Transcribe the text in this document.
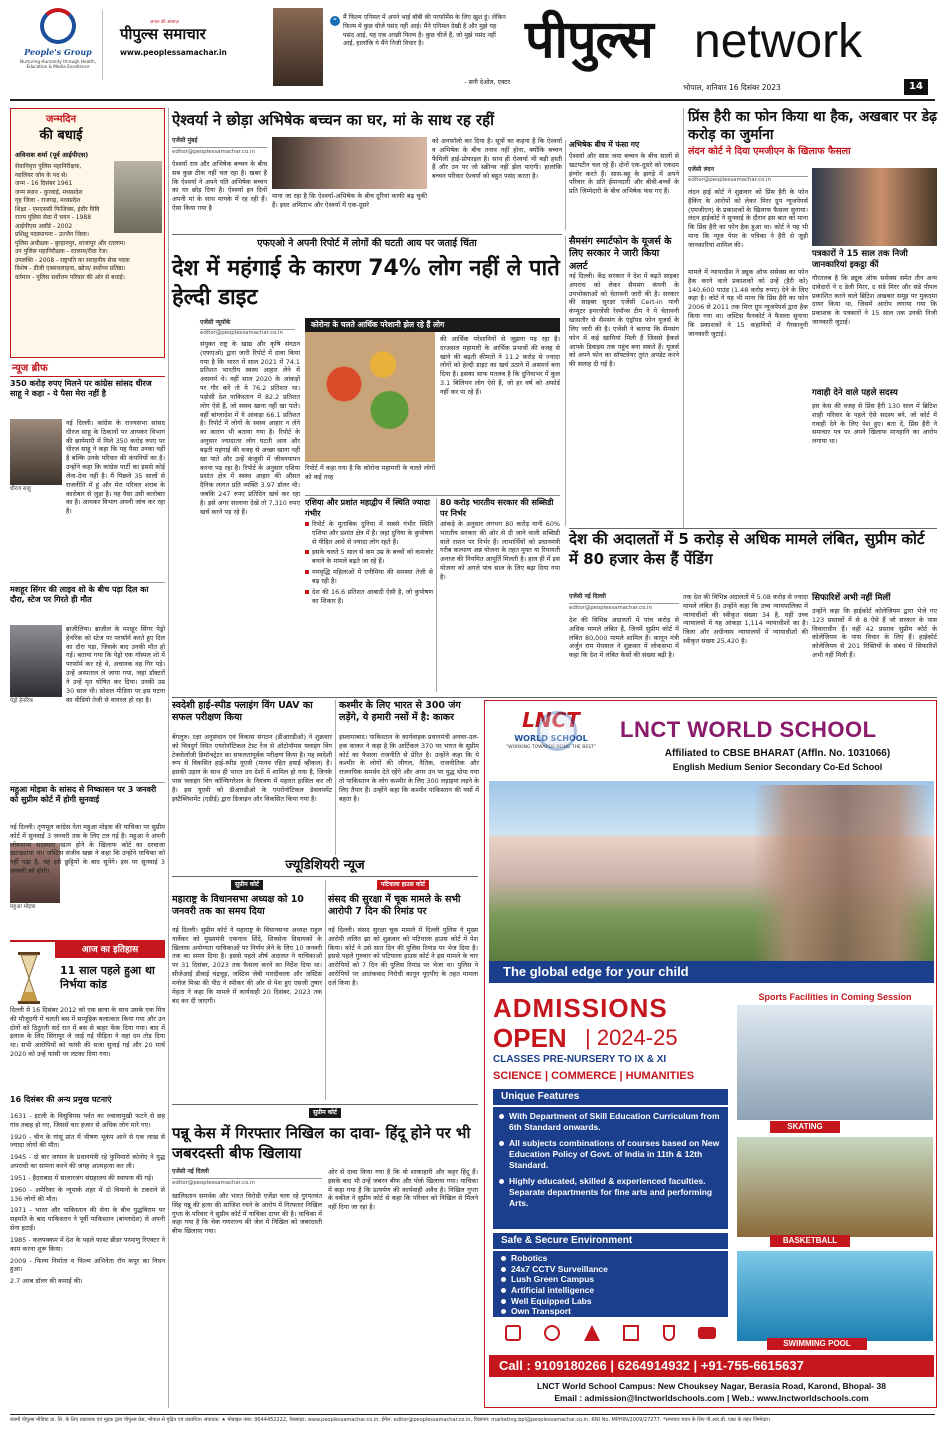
People's Group
Nurturing Humanity through Health, Education & Media Excellence
जनता की आवाज़
पीपुल्स समाचार
www.peoplessamachar.in
“ मैं फिल्म एनिमल में अपने भाई बॉबी की परफॉर्मेंस के लिए खुश हूं। लेकिन फिल्म में कुछ चीजें पसंद नहीं आई। मैंने एनिमल देखी है और मुझे यह पसंद आई, यह एक अच्छी फिल्म है। कुछ चीजें हैं, जो मुझे पसंद नहीं आईं, हालांकि ये मैंने निजी विचार है।
- सनी देओल, एक्टर
पीपुल्स network
भोपाल, शनिवार 16 दिसंबर 2023	14
जन्मदिन
की बधाई
अविनाश शर्मा (पूर्व आईपीएस)
सेवानिवृत्त पुलिस महानिरीक्षक,
ग्वालियर जोन के पद से।
जन्म - 16 दिसंबर 1961
जन्म स्थान - कुरवाई, मध्यप्रदेश
गृह जिला - राजगढ़, मध्यप्रदेश
शिक्षा - एमएससी फिजिक्स, इंदौर विवि
राज्य पुलिस सेवा में चयन - 1988
आईपीएस अवॉर्ड - 2002
प्रशिक्षु पदस्थापना - उज्जैन जिला।
पुलिस अधीक्षक - बुरहानपुर, शाजापुर और रतलाम।
उप पुलिस महानिरीक्षक - रतलाम/रीवा रेंज।
उपलब्धि - 2008 - राष्ट्रपति का सराहनीय सेवा पदक
विशेष - डीजी एक्सचलाहना, खोज/ सर्वोच्च प्रतिष्ठा।
वर्तमान - पुलिस सर्वोत्तम परिवार की ओर से बधाई।
न्यूज ब्रीफ
350 करोड़ रुपए मिलने पर कांग्रेस सांसद धीरज साहू ने कहा - ये पैसा मेरा नहीं है
धीरज साहू
नई दिल्ली। कांग्रेस के राज्यसभा सांसद धीरज साहू के ठिकानों पर आयकर विभाग की छापेमारी में मिले 350 करोड़ रुपए पर धीरज साहू ने कहा कि यह पैसा उनका नहीं है बल्कि उनके परिवार की कंपनियों का है। उन्होंने कहा कि कांग्रेस पार्टी का इससे कोई लेना-देना नहीं है। मैं पिछले 35 सालों से राजनीति में हूं और मेरा परिवार शराब के कारोबार से जुड़ा है। यह पैसा उसी कारोबार का है। आयकर विभाग अपनी जांच कर रहा है।
मशहूर सिंगर की लाइव शो के बीच पड़ा दिल का दौरा, स्टेज पर गिरते ही मौत
पेड्रो हेनरिक
ब्राजीलिया। ब्राजील के मशहूर सिंगर पेड्रो हेनरिक को स्टेज पर परफॉर्म करते हुए दिल का दौरा पड़ा, जिसके बाद उनकी मौत हो गई। बताया गया कि पेड्रो एक गॉस्पल शो में परफॉर्म कर रहे थे, अचानक वह गिर पड़े। उन्हें अस्पताल ले जाया गया, जहां डॉक्टरों ने उन्हें मृत घोषित कर दिया। उनकी उम्र 30 साल थी। सोशल मीडिया पर इस घटना का वीडियो तेजी से वायरल हो रहा है।
महुआ मोइत्रा के सांसद से निष्कासन पर 3 जनवरी को सुप्रीम कोर्ट में होगी सुनवाई
महुआ मोइत्रा
नई दिल्ली। तृणमूल कांग्रेस नेता महुआ मोइत्रा की याचिका पर सुप्रीम कोर्ट में सुनवाई 3 जनवरी तक के लिए टल गई है। महुआ ने अपनी लोकसभा सदस्यता खत्म होने के खिलाफ कोर्ट का दरवाजा खटखटाया था। जस्टिस संजीव खन्ना ने कहा कि उन्होंने याचिका को नहीं पढ़ा है, वह इसे छुट्टियों के बाद सुनेंगे। इस पर सुनवाई 3 जनवरी को होगी।
आज का इतिहास
11 साल पहले हुआ था निर्भया कांड
दिल्ली में 16 दिसंबर 2012 को एक छात्रा के साथ उसके एक मित्र की मौजूदगी में चलती बस में सामूहिक बलात्कार किया गया और उन दोनों को ठिठुरती सर्द रात में बस से बाहर फेंक दिया गया। बाद में इलाज के लिए सिंगापुर ले जाई गई पीड़िता ने वहां दम तोड़ दिया था। सभी आरोपियों को फांसी की सजा सुनाई गई और 20 मार्च 2020 को उन्हें फांसी पर लटका दिया गया।
16 दिसंबर की अन्य प्रमुख घटनाएं
1631 - इटली के विसुवियस पर्वत का ज्वालामुखी फटने से छह गांव तबाह हो गए, जिससे चार हजार से अधिक लोग मारे गए।
1920 - चीन के गांसू प्रांत में भीषण भूकंप आने से एक लाख से ज्यादा लोगों की मौत।
1945 - दो बार जापान के प्रधानमंत्री रहे फुमिमारो कोनोए ने युद्ध अपराधी का सामना करने की जगह आत्महत्या कर ली।
1951 - हैदराबाद में सालारजंग संग्रहालय की स्थापना की गई।
1960 - अमेरिका के न्यूयार्क शहर में दो विमानों के टकराने से 136 लोगों की मौत।
1971 - भारत और पाकिस्तान की सेना के बीच युद्धविराम पर सहमति के बाद पाकिस्तान ने पूर्वी पाकिस्तान (बांग्लादेश) से अपनी सेना हटाई।
1985 - कलपक्कम में देश के पहले फास्ट ब्रीडर परमाणु रिएक्टर ने काम करना शुरू किया।
2009 - फिल्म निर्माता व फिल्म अभिनेता रॉय कपूर का निधन हुआ।
2.7 अरब डॉलर की कमाई की।
ऐश्वर्या ने छोड़ा अभिषेक बच्चन का घर, मां के साथ रह रहीं
एजेंसी मुंबई
editor@peoplessamachar.co.in
ऐश्वर्या राय और अभिषेक बच्चन के बीच सब कुछ ठीक नहीं चल रहा है। खबर है कि ऐश्वर्या ने अपने पति अभिषेक बच्चन का घर छोड़ दिया है। ऐश्वर्या इन दिनों अपनी मां के साथ मायके में रह रही हैं। ऐसा किया गया है
माना जा रहा है कि ऐश्वर्या-अभिषेक के बीच दूरियां काफी बढ़ चुकी हैं। इधर अमिताभ और ऐश्वर्या में एक-दूसरे
को अनफॉलो कर दिया है। सूत्रों का कहना है कि ऐश्वर्या व अभिषेक के बीच तनाव नहीं होना, क्योंकि बच्चन फैमिली हाई-प्रोफाइल है। साथ ही ऐश्वर्या भी बड़ी हस्ती हैं और उन पर जो स्क्रीन्स नहीं झेल पाएंगी। हालांकि बच्चन परिवार ऐश्वर्या को बहुत पसंद करता है।
अभिषेक बीच में फंसा गए
ऐश्वर्या और सास जया बच्चन के बीच सालों से खटपटीन चल रहे हैं। दोनों एक-दूसरे को एकदम इंग्नोर करते हैं। सास-बहू के झगड़े में अपने परिवार के प्रति ईमानदारी और बीवी-बच्चों के प्रति जिम्मेदारी के बीच अभिषेक फंस गए हैं।
एफएओ ने अपनी रिपोर्ट में लोगों की घटती आय पर जताई चिंता
देश में महंगाई के कारण 74% लोग नहीं ले पाते हेल्दी डाइट
एजेंसी न्यूयॉर्क
editor@peoplessamachar.co.in
संयुक्त राष्ट्र के खाद्य और कृषि संगठन (एफएओ) द्वारा जारी रिपोर्ट में दावा किया गया है कि भारत में साल 2021 में 74.1 प्रतिशत भारतीय स्वस्थ आहार लेने में असमर्थ थे। वहीं साल 2020 के आंकड़ों पर गौर करें तो ये 76.2 प्रतिशत था। पड़ोसी देश पाकिस्तान में 82.2 प्रतिशत लोग ऐसे हैं, जो स्वस्थ खाना नहीं खा पाते। वहीं बांग्लादेश में ये आंकड़ा 66.1 प्रतिशत है। रिपोर्ट में लोगों के स्वस्थ आहार न लेने का कारण भी बताया गया है। रिपोर्ट के अनुसार ज्यादातर लोग घटती आय और बढ़ती महंगाई की वजह से अच्छा खाना नहीं खा पाते और उन्हें कंजूसी में जीवनयापन करना पड़ रहा है। रिपोर्ट के अनुसार एशिया प्रशांत क्षेत्र में स्वस्थ आहार की औसत दैनिक लागत प्रति व्यक्ति 3.97 डॉलर थी। जबकि 247 रुपए प्रतिदिन खर्च कर रहा है। इसे अगर सालाना देखें तो 7,310 रुपए खर्च करने पड़ रहे हैं।
कोरोना के चलते आर्थिक परेशानी झेल रहे हैं लोग
रिपोर्ट में कहा गया है कि कोरोना महामारी के चलते लोगों को कई तरह
की आर्थिक परेशानियों से जूझना पड़ रहा है। दरअसल महामारी के आर्थिक प्रभावों की वजह से खाने की बढ़ती कीमतों ने 11.2 करोड़ से ज्यादा लोगों को हेल्दी डाइट का खर्च उठाने में असमर्थ बना दिया है। इसका साफ मतलब है कि दुनियाभर में कुल 3.1 बिलियन लोग ऐसे हैं, जो हर वर्ष को अफोर्ड नहीं कर पा रहे हैं।
एशिया और प्रशांत महाद्वीप में स्थिति ज्यादा गंभीर
रिपोर्ट के मुताबिक दुनिया में सबसे गंभीर स्थिति एशिया और प्रशांत क्षेत्र में है। जहां दुनिया के कुपोषण से पीड़ित आधे से ज्यादा लोग रहते हैं।
इसके चलते 5 साल से कम उम्र के बच्चों को कमजोर बनाने के मामले बढ़ते जा रहे हैं।
ममवृद्धि महिलाओं में एनीमिया की समस्या तेजी से बढ़ रही है।
देश की 16.6 प्रतिशत आबादी ऐसी है, जो कुपोषण का शिकार है।
80 करोड़ भारतीय सरकार की सब्सिडी पर निर्भर
आंकड़े के अनुसार लगभग 80 करोड़ यानी 60% भारतीय सरकार की ओर से दी जाने वाली सब्सिडी वाले राशन पर निर्भर हैं। लाभार्थियों को प्रधानमंत्री गरीब कल्याण अन्न योजना के तहत मुफ्त या रियायती अनाज की नियमित आपूर्ति मिलती है। हाल ही में इस योजना को अगले पांच साल के लिए बढ़ा दिया गया है।
सैमसंग स्मार्टफोन के यूजर्स के लिए सरकार ने जारी किया अलर्ट
नई दिल्ली। केंद्र सरकार ने देश में बढ़ते साइबर अपराध को लेकर सैमसंग कंपनी के उपभोक्ताओं को चेतावनी जारी की है। सरकार की साइबर सुरक्षा एजेंसी Cert-in यानी कंप्यूटर इमरजेंसी रेस्पॉन्स टीम ने ये चेतावनी खासतौर से सैमसंग के एंड्रॉयड फोन यूजर्स के लिए जारी की है। एजेंसी ने बताया कि सैमसंग फोन में कई खामियां मिली हैं जिससे हैकर्स आपके डिवाइस तक पहुंच बना सकते हैं। यूजर्स को अपने फोन का सॉफ्टवेयर तुरंत अपडेट करने की सलाह दी गई है।
प्रिंस हैरी का फोन किया था हैक, अखबार पर डेढ़ करोड़ का जुर्माना
लंदन कोर्ट ने दिया एमजीएन के खिलाफ फैसला
एजेंसी लंदन
editor@peoplessamachar.co.in
लंदन हाई कोर्ट ने शुक्रवार को प्रिंस हैरी के फोन हैकिंग के आरोपों को लेकर मिरर ग्रुप न्यूजपेपर्स (एमजीएन) के प्रकाशकों के खिलाफ फैसला सुनाया। लंदन हाईकोर्ट ने सुनवाई के दौरान इस बात को माना कि प्रिंस हैरी का फोन हैक हुआ था। कोर्ट ने यह भी माना कि न्यूज पेपर के पत्रिका ने हैरी से जुड़ी जानकारियां शामिल की।
मामले में न्यायाधीश ने ड्यूक ऑफ ससेक्स का फोन हैक करने वाले प्रकाशकों को उन्हें (हैरी को) 140,600 पाउंड (1.48 करोड़ रुपए) देने के लिए कहा है। कोर्ट ने यह भी माना कि प्रिंस हैरी का फोन 2006 से 2011 तक मिरर ग्रुप न्यूजपेपर्स द्वारा हैक किया गया था। जस्टिस फैनकोर्ट ने फैसला सुनाया कि प्रकाशकों ने 15 कहानियों में गैरकानूनी जानकारी जुटाई।
पत्रकारों ने 15 साल तक निजी जानकारियां इकट्ठा कीं
गौरतलब है कि ड्यूक ऑफ ससेक्स समेत तीन अन्य दावेदारों ने द डेली मिरर, द संडे मिरर और संडे पीपल प्रकाशित करने वाले ब्रिटिश अखबार समूह पर मुकदमा दायर किया था, जिसमें आरोप लगाया गया कि प्रकाशक के पत्रकारों ने 15 साल तक उनकी निजी जानकारी जुटाई।
गवाही देने वाले पहले सदस्य
इस केस की वजह से प्रिंस हैरी 130 साल में ब्रिटिश शाही परिवार के पहले ऐसे सदस्य बने, जो कोर्ट में गवाही देने के लिए पेश हुए। बता दें, प्रिंस हैरी ने समाचार पत्र पर अपने खिलाफ मानहानि का आरोप लगाया था।
देश की अदालतों में 5 करोड़ से अधिक मामले लंबित, सुप्रीम कोर्ट में 80 हजार केस हैं पेंडिंग
एजेंसी नई दिल्ली
editor@peoplessamachar.co.in
देश की विभिन्न अदालतों में पांच करोड़ से अधिक मामले लंबित हैं, जिनमें सुप्रीम कोर्ट में लंबित 80,000 मामले शामिल हैं। कानून मंत्री अर्जुन राम मेघवाल ने शुक्रवार में लोकसभा में कहा कि देश में लंबित केसों की संख्या बढ़ी है।
तक देश की विभिन्न अदालतों में 5.08 करोड़ से ज्यादा मामले लंबित हैं। उन्होंने कहा कि उच्च न्यायपालिका में न्यायाधीशों की स्वीकृत संख्या 34 है, यहीं उच्च न्यायालयों में यह आंकड़ा 1,114 न्यायाधीशों का है। जिला और अधीनस्थ न्यायालयों में न्यायाधीशों की स्वीकृत संख्या 25,420 है।
सिफारिशें अभी नहीं मिलीं
उन्होंने कहा कि हाईकोर्ट कोलेजियम द्वारा भेजे गए 123 प्रस्तावों में से 8 ऐसे हैं जो सरकार के पास विचाराधीन हैं। वहीं 42 प्रस्ताव सुप्रीम कोर्ट के कोलेजियम के पास विचार के लिए हैं। हाईकोर्ट कोलेजियम से 201 रिक्तियों के संबंध में सिफारिशें अभी नहीं मिली हैं।
स्वदेशी हाई-स्पीड फ्लाइंग विंग UAV का सफल परीक्षण किया
बेंगलुरु। रक्षा अनुसंधान एवं विकास संगठन (डीआरडीओ) ने शुक्रवार को चित्रदुर्ग स्थित एयरोनॉटिकल टेस्ट रेंज से ऑटोनॉमस फ्लाइंग विंग टेक्नोलॉजी डिमॉन्स्ट्रेटर का सफलतापूर्वक परीक्षण किया है। यह स्वदेशी रूप से विकसित हाई-स्पीड यूएवी (मानव रहित हवाई व्हीकल) है। इसकी उड़ान के साथ ही भारत उन देशों में शामिल हो गया है, जिनके पास फ्लाइंग विंग कॉन्फिगरेशन के नियंत्रण में महारत हासिल कर ली है। इस यूएवी को डीआरडीओ के एयरोनॉटिकल डेवलपमेंट इस्टैब्लिशमेंट (एडीई) द्वारा डिजाइन और विकसित किया गया है।
कश्मीर के लिए भारत से 300 जंग लड़ेंगे, ये हमारी नसों में है: काकर
इस्लामाबाद। पाकिस्तान के कार्यवाहक प्रधानमंत्री अनवर-उल-हक काकर ने कहा है कि आर्टिकल 370 पर भारत के सुप्रीम कोर्ट का फैसला राजनीति से प्रेरित है। उन्होंने कहा कि ये कश्मीर के लोगों की लीगल, नैतिक, राजनीतिक और राजनयिक समर्थन देते रहेंगे और अगर उन पर युद्ध थोपा गया तो पाकिस्तान के लोग कश्मीर के लिए 300 लड़ाइयां लड़ने के लिए तैयार हैं। उन्होंने कहा कि कश्मीर पाकिस्तान की नसों में बहता है।
ज्यूडिशियरी न्यूज
सुप्रीम कोर्ट
महाराष्ट्र के विधानसभा अध्यक्ष को 10 जनवरी तक का समय दिया
नई दिल्ली। सुप्रीम कोर्ट ने महाराष्ट्र के विधानसभा अध्यक्ष राहुल नार्वेकर को मुख्यमंत्री एकनाथ शिंदे, शिवसेना विधायकों के खिलाफ अयोग्यता याचिकाओं पर निर्णय लेने के लिए 10 जनवरी तक का समय दिया है। इससे पहले शीर्ष अदालत ने याचिकाओं पर 31 दिसंबर, 2023 तक फैसला करने का निर्देश दिया था। सीजेआई डीवाई चंद्रचूड़, जस्टिस जेबी पारदीवाला और जस्टिस मनोज मिश्रा की पीठ ने स्पीकर की ओर से पेश हुए एसजी तुषार मेहता ने कहा कि मामले में कार्यवाही 20 दिसंबर, 2023 तक बंद कर दी जाएगी।
पटियाला हाउस कोर्ट
संसद की सुरक्षा में चूक मामले के सभी आरोपी 7 दिन की रिमांड पर
नई दिल्ली। संसद सुरक्षा चूक मामले में दिल्ली पुलिस ने मुख्य आरोपी ललित झा को शुक्रवार को पटियाला हाउस कोर्ट में पेश किया। कोर्ट ने उसे सात दिन की पुलिस रिमांड पर भेज दिया है। इससे पहले गुरुवार को पटियाला हाउस कोर्ट ने इस मामले के चार आरोपियों को 7 दिन की पुलिस रिमांड पर भेजा था। पुलिस ने आरोपियों पर आतंकवाद निरोधी कानून यूएपीए के तहत मामला दर्ज किया है।
सुप्रीम कोर्ट
पन्नू केस में गिरफ्तार निखिल का दावा- हिंदू होने पर भी जबरदस्ती बीफ खिलाया
एजेंसी नई दिल्ली
editor@peoplessamachar.co.in
खालिस्तान समर्थक और भारत विरोधी एजेंडा चला रहे गुरपतवंत सिंह पन्नू की हत्या की साजिश रचने के आरोप में गिरफ्तार निखिल गुप्ता के परिवार ने सुप्रीम कोर्ट में याचिका दायर की है। याचिका में कहा गया है कि चेक गणराज्य की जेल में निखिल को जबरदस्ती बीफ खिलाया गया।
ओर से दावा किया गया है कि वो शाकाहारी और कट्टर हिंदू हैं। इसके बाद भी उन्हें जबरन बीफ और पोर्क खिलाया गया। याचिका में कहा गया है कि प्रत्यर्पण की कार्यवाही अवैध है। निखिल गुप्ता के वकील ने सुप्रीम कोर्ट से कहा कि परिवार को निखिल से मिलने नहीं दिया जा रहा है।
LNCT
WORLD SCHOOL
"WORKING TOWARDS BEING THE BEST"
LNCT WORLD SCHOOL
Affiliated to CBSE BHARAT (Affln. No. 1031066)
English Medium Senior Secondary Co-Ed School
The global edge for your child
ADMISSIONS
OPEN | 2024-25
CLASSES PRE-NURSERY TO IX & XI
SCIENCE | COMMERCE | HUMANITIES
Unique Features
With Department of Skill Education Curriculum from 6th Standard onwards.
All subjects combinations of courses based on New Education Policy of Govt. of India in 11th & 12th Standard.
Highly educated, skilled & experienced faculties. Separate departments for fine arts and performing Arts.
Safe & Secure Environment
Robotics
24x7 CCTV Surveillance
Lush Green Campus
Artificial intelligence
Well Equipped Labs
Own Transport
Sports Facilities in Coming Session
SKATING
BASKETBALL
SWIMMING POOL
Call : 9109180266 | 6264914932 | +91-755-6615637
LNCT World School Campus: New Chouksey Nagar, Berasia Road, Karond, Bhopal- 38
Email : admission@lnctworldschools.com | Web.: www.lnctworldschools.com
स्वामी पीपुल्स मीडिया प्रा. लि. के लिए प्रकाशक एवं मुद्रक द्वारा पीपुल्स प्रेस, भोपाल से मुद्रित एवं प्रकाशित। संपादक: ★ मोबाइल नंबर: 9644452222, वेबसाइट: www.peoplessamachar.co.in, ईमेल: editor@peoplessamachar.co.in, विज्ञापन: marketing.bpl@peoplessamachar.co.in. RNI No. MPHIN/2009/27277. *समाचार चयन के लिए पी.आर.बी. एक्ट के तहत जिम्मेदार।
